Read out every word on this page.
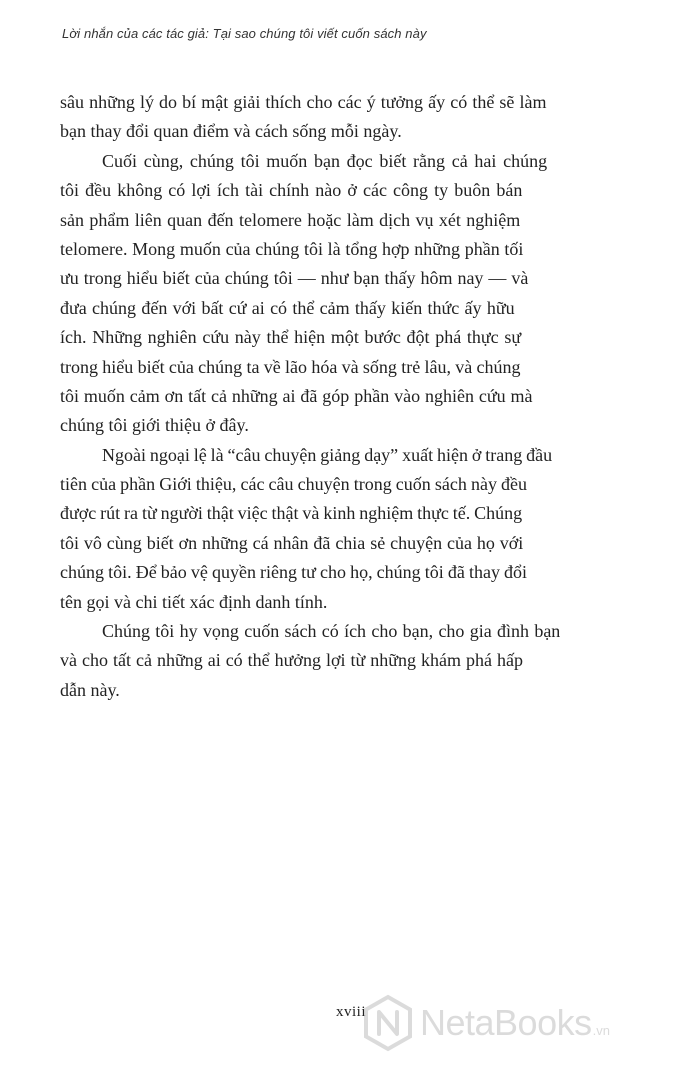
Lời nhắn của các tác giả: Tại sao chúng tôi viết cuốn sách này
sâu những lý do bí mật giải thích cho các ý tưởng ấy có thể sẽ làm
bạn thay đổi quan điểm và cách sống mỗi ngày.
Cuối cùng, chúng tôi muốn bạn đọc biết rằng cả hai chúng
tôi đều không có lợi ích tài chính nào ở các công ty buôn bán
sản phẩm liên quan đến telomere hoặc làm dịch vụ xét nghiệm
telomere. Mong muốn của chúng tôi là tổng hợp những phần tối
ưu trong hiểu biết của chúng tôi — như bạn thấy hôm nay — và
đưa chúng đến với bất cứ ai có thể cảm thấy kiến thức ấy hữu
ích. Những nghiên cứu này thể hiện một bước đột phá thực sự
trong hiểu biết của chúng ta về lão hóa và sống trẻ lâu, và chúng
tôi muốn cảm ơn tất cả những ai đã góp phần vào nghiên cứu mà
chúng tôi giới thiệu ở đây.
Ngoài ngoại lệ là “câu chuyện giảng dạy” xuất hiện ở trang đầu
tiên của phần Giới thiệu, các câu chuyện trong cuốn sách này đều
được rút ra từ người thật việc thật và kinh nghiệm thực tế. Chúng
tôi vô cùng biết ơn những cá nhân đã chia sẻ chuyện của họ với
chúng tôi. Để bảo vệ quyền riêng tư cho họ, chúng tôi đã thay đổi
tên gọi và chi tiết xác định danh tính.
Chúng tôi hy vọng cuốn sách có ích cho bạn, cho gia đình bạn
và cho tất cả những ai có thể hưởng lợi từ những khám phá hấp
dẫn này.
xviii NetaBooks .vn
